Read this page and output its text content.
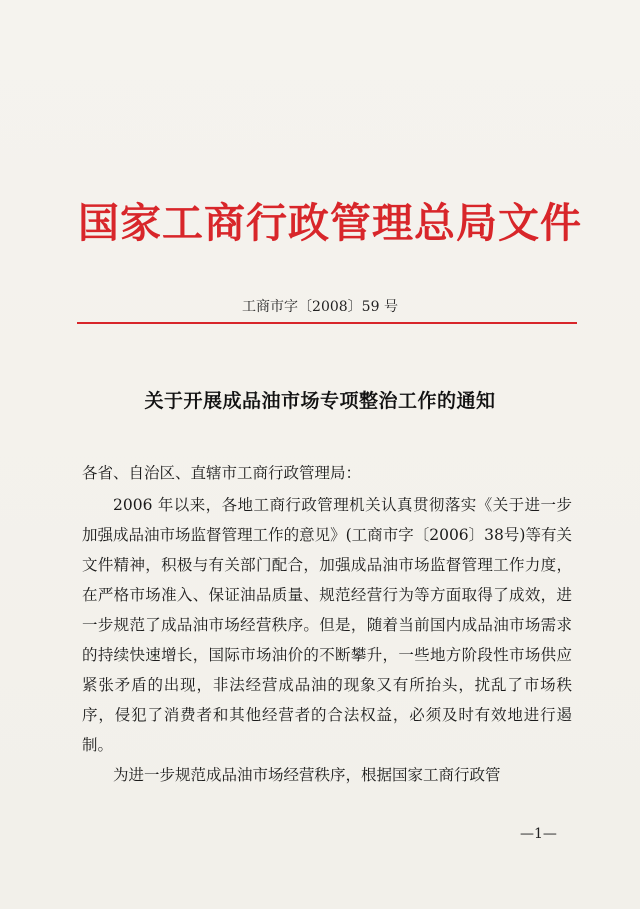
国家工商行政管理总局文件
工商市字〔2008〕59 号
关于开展成品油市场专项整治工作的通知

各省、自治区、直辖市工商行政管理局：

2006 年以来，各地工商行政管理机关认真贯彻落实《关于进一步加强成品油市场监督管理工作的意见》(工商市字〔2006〕38号)等有关文件精神，积极与有关部门配合，加强成品油市场监督管理工作力度，在严格市场准入、保证油品质量、规范经营行为等方面取得了成效，进一步规范了成品油市场经营秩序。但是，随着当前国内成品油市场需求的持续快速增长，国际市场油价的不断攀升，一些地方阶段性市场供应紧张矛盾的出现，非法经营成品油的现象又有所抬头，扰乱了市场秩序，侵犯了消费者和其他经营者的合法权益，必须及时有效地进行遏制。

为进一步规范成品油市场经营秩序，根据国家工商行政管

—1—
